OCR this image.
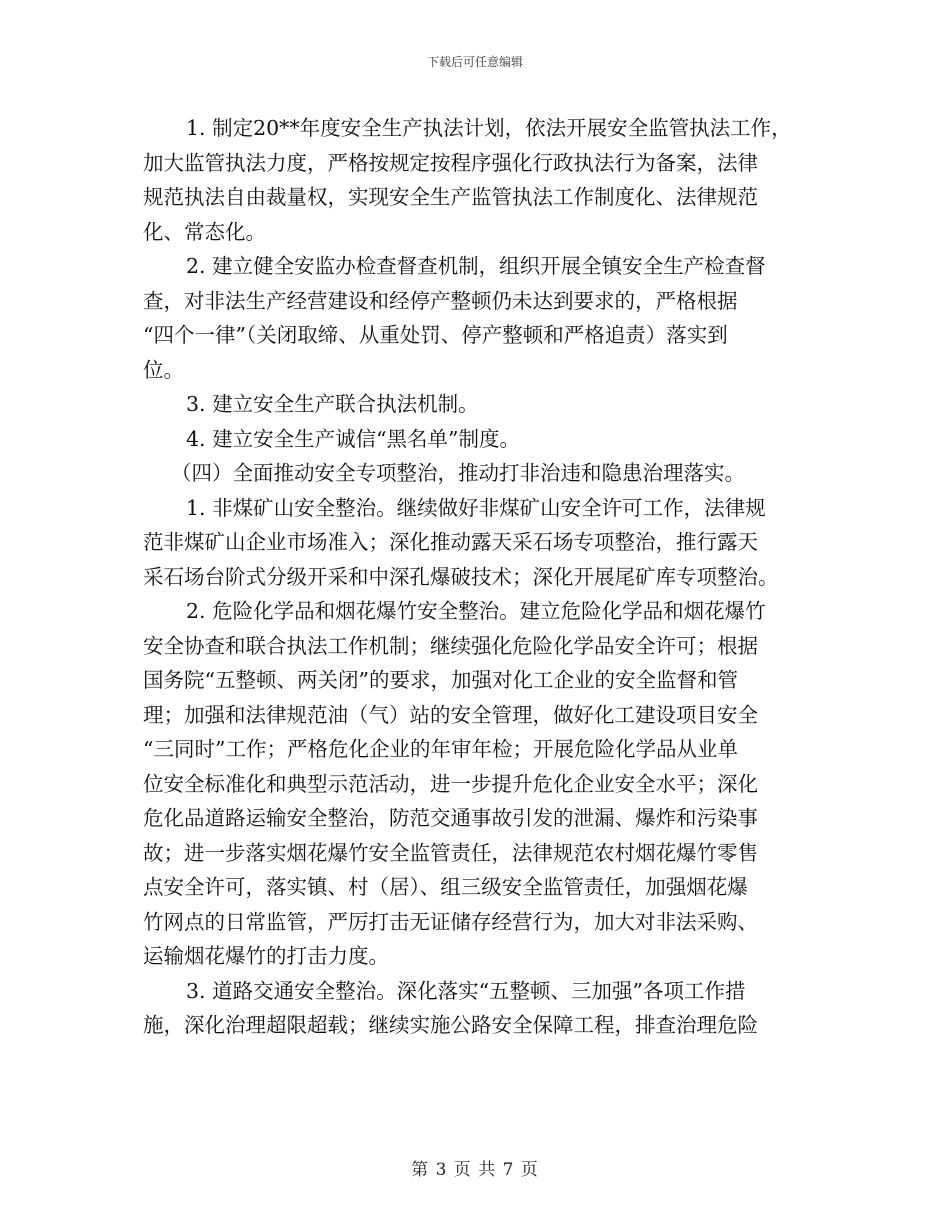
下载后可任意编辑
1. 制定20**年度安全生产执法计划，依法开展安全监管执法工作，
加大监管执法力度，严格按规定按程序强化行政执法行为备案，法律
规范执法自由裁量权，实现安全生产监管执法工作制度化、法律规范
化、常态化。
2. 建立健全安监办检查督查机制，组织开展全镇安全生产检查督
查，对非法生产经营建设和经停产整顿仍未达到要求的，严格根据
“四个一律”（关闭取缔、从重处罚、停产整顿和严格追责）落实到
位。
3. 建立安全生产联合执法机制。
4. 建立安全生产诚信“黑名单”制度。
（四）全面推动安全专项整治，推动打非治违和隐患治理落实。
1. 非煤矿山安全整治。继续做好非煤矿山安全许可工作，法律规
范非煤矿山企业市场准入；深化推动露天采石场专项整治，推行露天
采石场台阶式分级开采和中深孔爆破技术；深化开展尾矿库专项整治。
2. 危险化学品和烟花爆竹安全整治。建立危险化学品和烟花爆竹
安全协查和联合执法工作机制；继续强化危险化学品安全许可；根据
国务院“五整顿、两关闭”的要求，加强对化工企业的安全监督和管
理；加强和法律规范油（气）站的安全管理，做好化工建设项目安全
“三同时”工作；严格危化企业的年审年检；开展危险化学品从业单
位安全标准化和典型示范活动，进一步提升危化企业安全水平；深化
危化品道路运输安全整治，防范交通事故引发的泄漏、爆炸和污染事
故；进一步落实烟花爆竹安全监管责任，法律规范农村烟花爆竹零售
点安全许可，落实镇、村（居）、组三级安全监管责任，加强烟花爆
竹网点的日常监管，严厉打击无证储存经营行为，加大对非法采购、
运输烟花爆竹的打击力度。
3. 道路交通安全整治。深化落实“五整顿、三加强”各项工作措
施，深化治理超限超载；继续实施公路安全保障工程，排查治理危险
第 3 页 共 7 页
